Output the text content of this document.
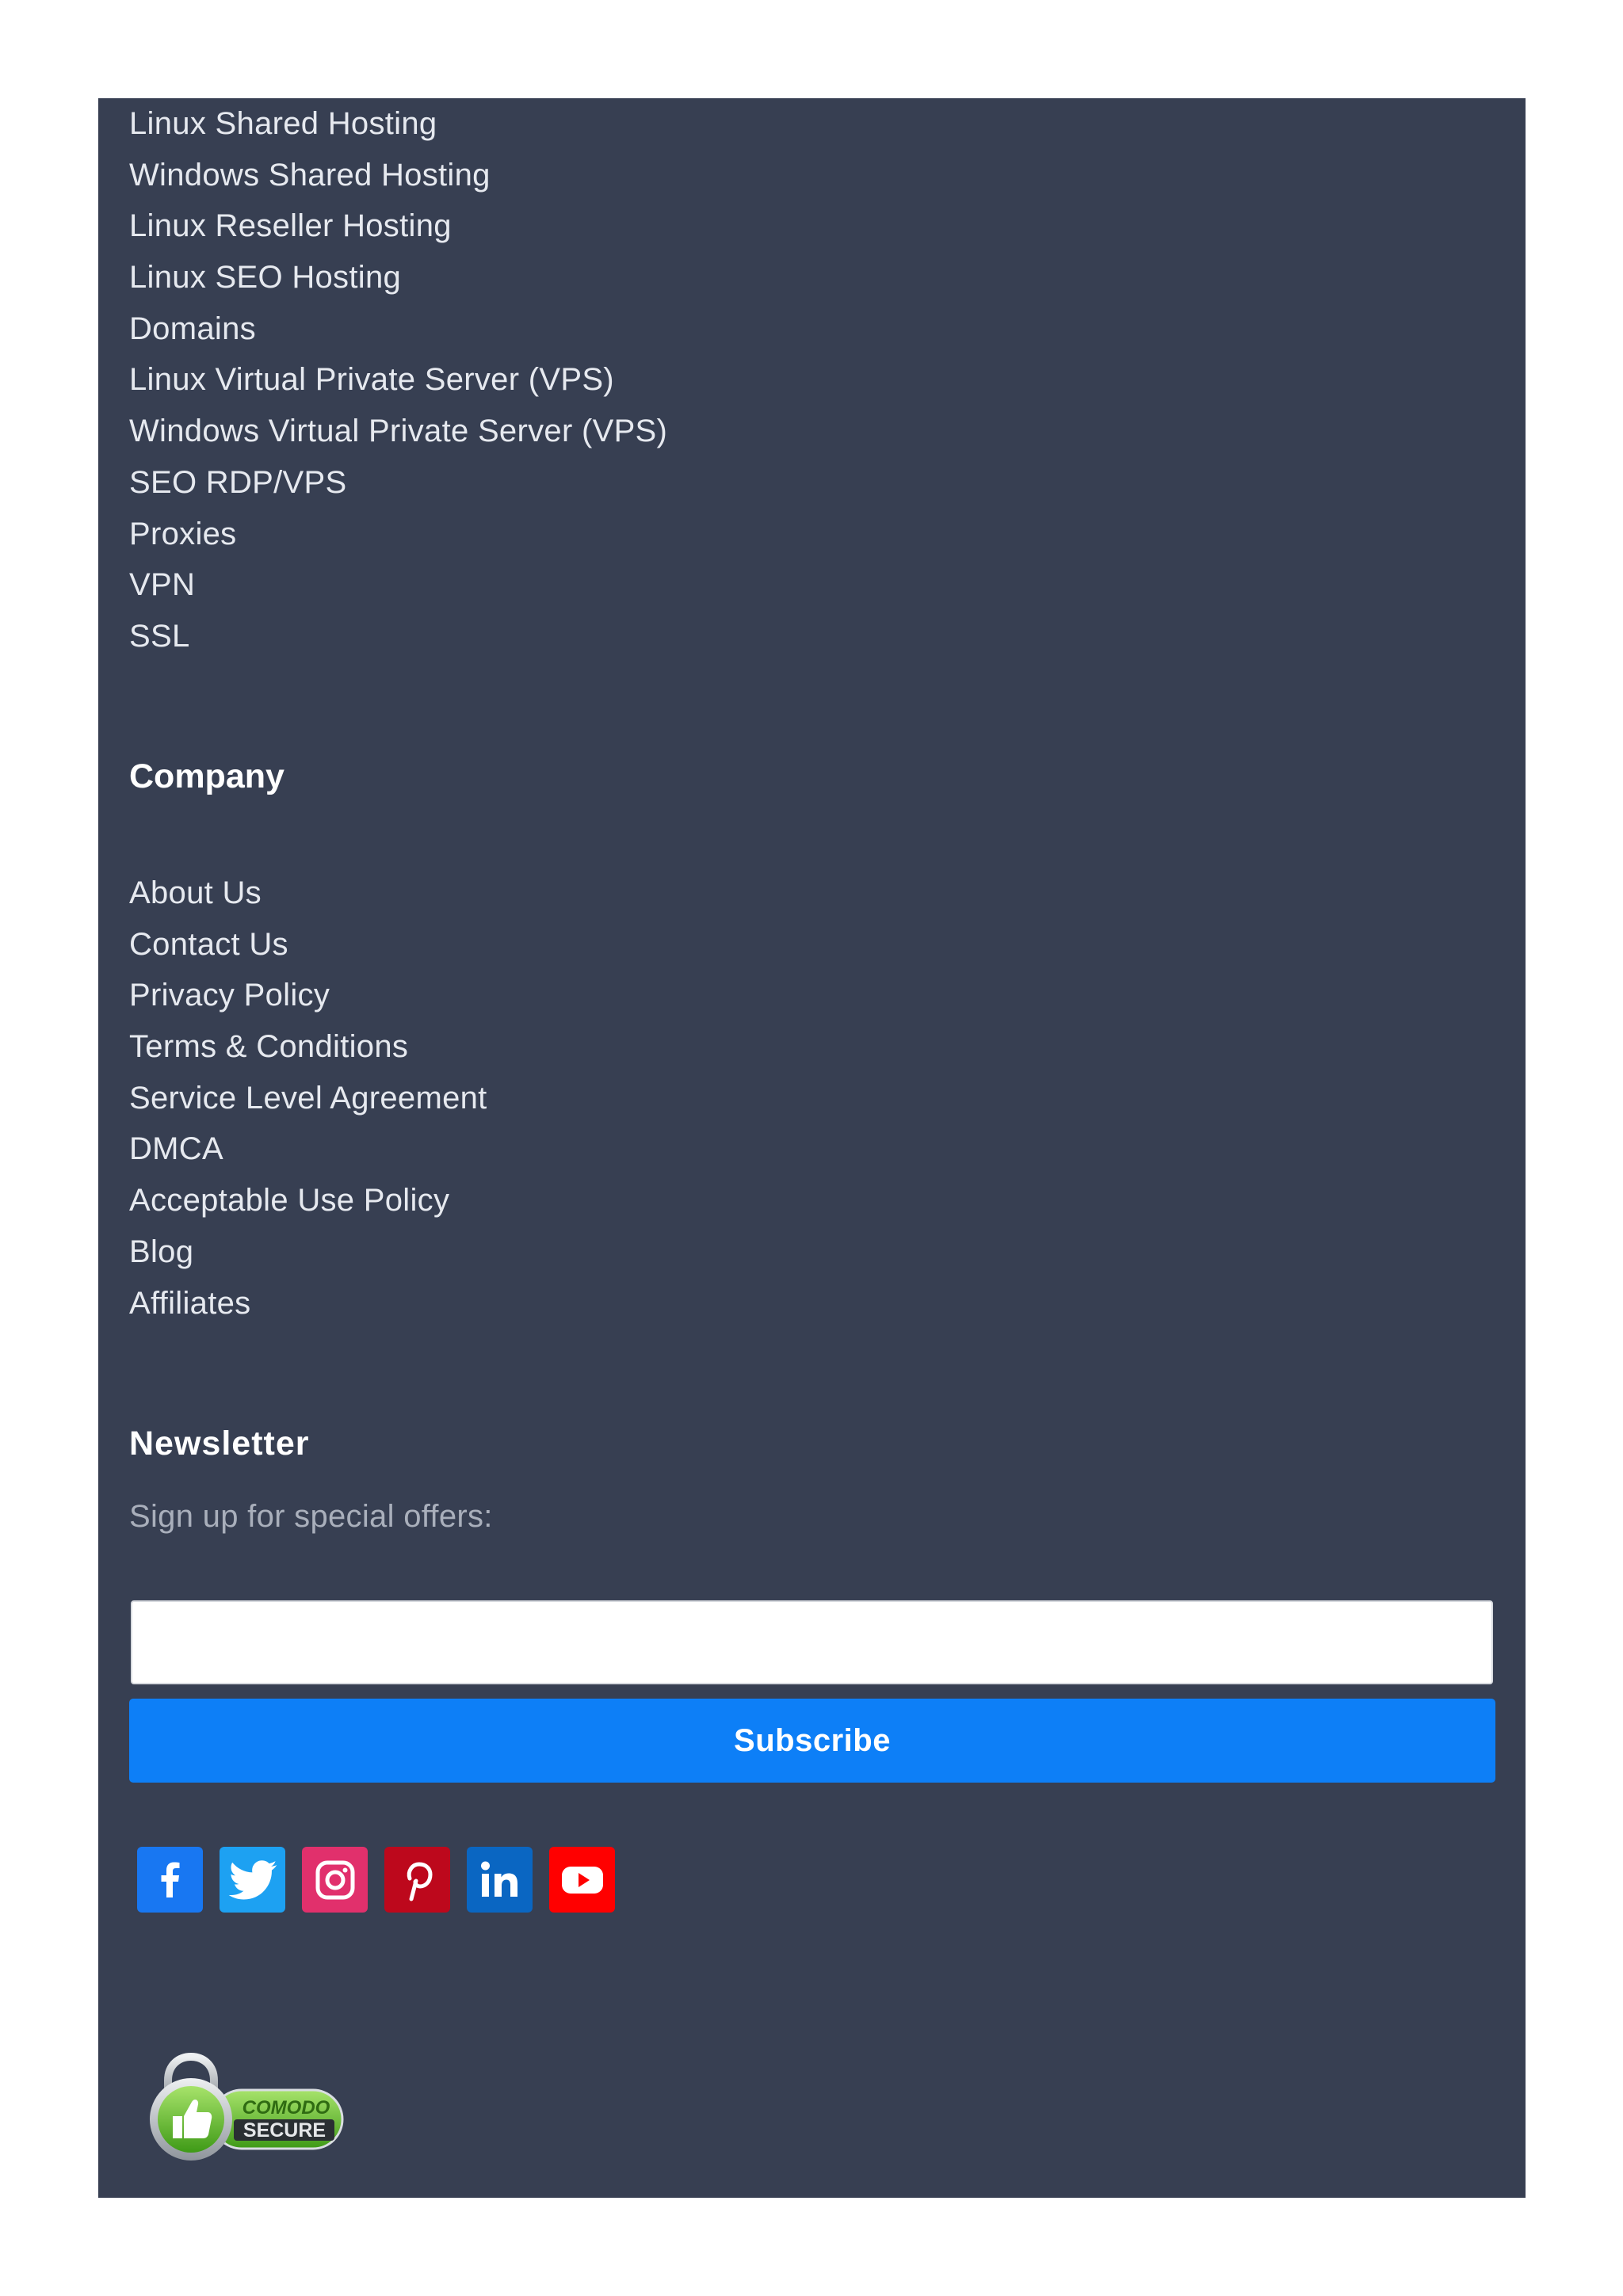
Linux Shared Hosting
Windows Shared Hosting
Linux Reseller Hosting
Linux SEO Hosting
Domains
Linux Virtual Private Server (VPS)
Windows Virtual Private Server (VPS)
SEO RDP/VPS
Proxies
VPN
SSL
Company
About Us
Contact Us
Privacy Policy
Terms & Conditions
Service Level Agreement
DMCA
Acceptable Use Policy
Blog
Affiliates
Newsletter
Sign up for special offers:
Subscribe
COMODO
SECURE
